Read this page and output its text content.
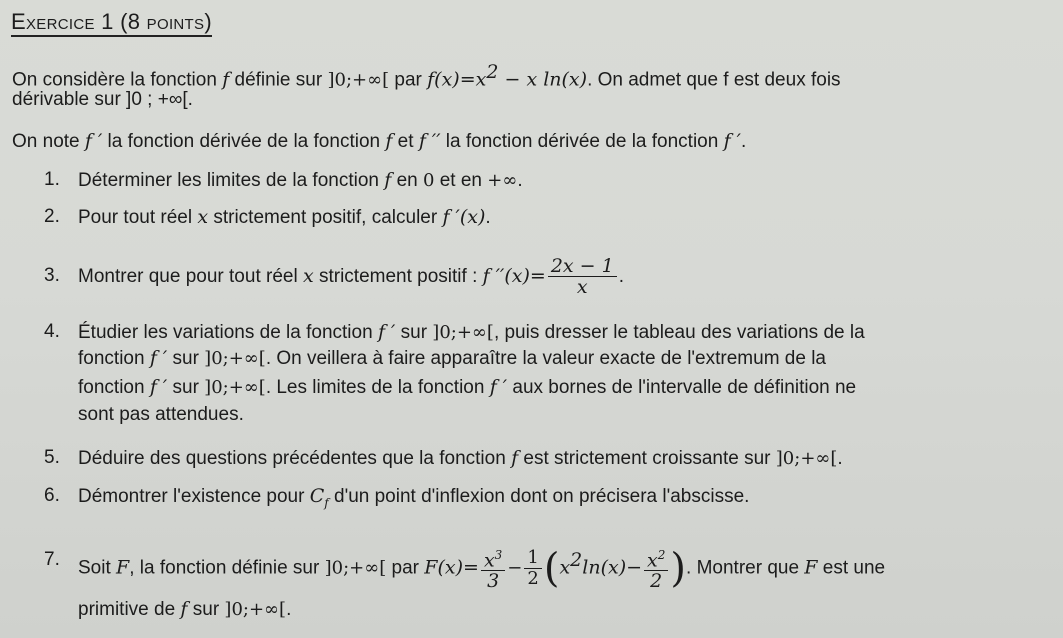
Exercice 1 (8 points)
On considère la fonction f définie sur ]0;+∞[ par $f(x)=x^2 - x$ ln(x). On admet que f est deux fois
dérivable sur ]0 ; +∞[.
On note f ′ la fonction dérivée de la fonction f et f ′′ la fonction dérivée de la fonction f ′.
1. Déterminer les limites de la fonction f en 0 et en +∞.
2. Pour tout réel x strictement positif, calculer f ′(x).
3. Montrer que pour tout réel x strictement positif : f $''(x)= \frac{2x - 1}{x}$ .
4. Étudier les variations de la fonction f ′ sur ]0;+∞[, puis dresser le tableau des variations de la
fonction f ′ sur ]0;+∞[. On veillera à faire apparaître la valeur exacte de l'extremum de la
fonction f ′ sur ]0;+∞[. Les limites de la fonction f ′ aux bornes de l'intervalle de définition ne
sont pas attendues.
5. Déduire des questions précédentes que la fonction f est strictement croissante sur ]0;+∞[.
6. Démontrer l'existence pour $C_f$ d'un point d'inflexion dont on précisera l'abscisse.
7. Soit F, la fonction définie sur ]0;+∞[ par $F(x)= \frac{x^3}{3} - \frac{1}{2} (x^2\ln(x)- \frac{x^2}{2}$ ). Montrer que F est une
primitive de f sur ]0;+∞[.
